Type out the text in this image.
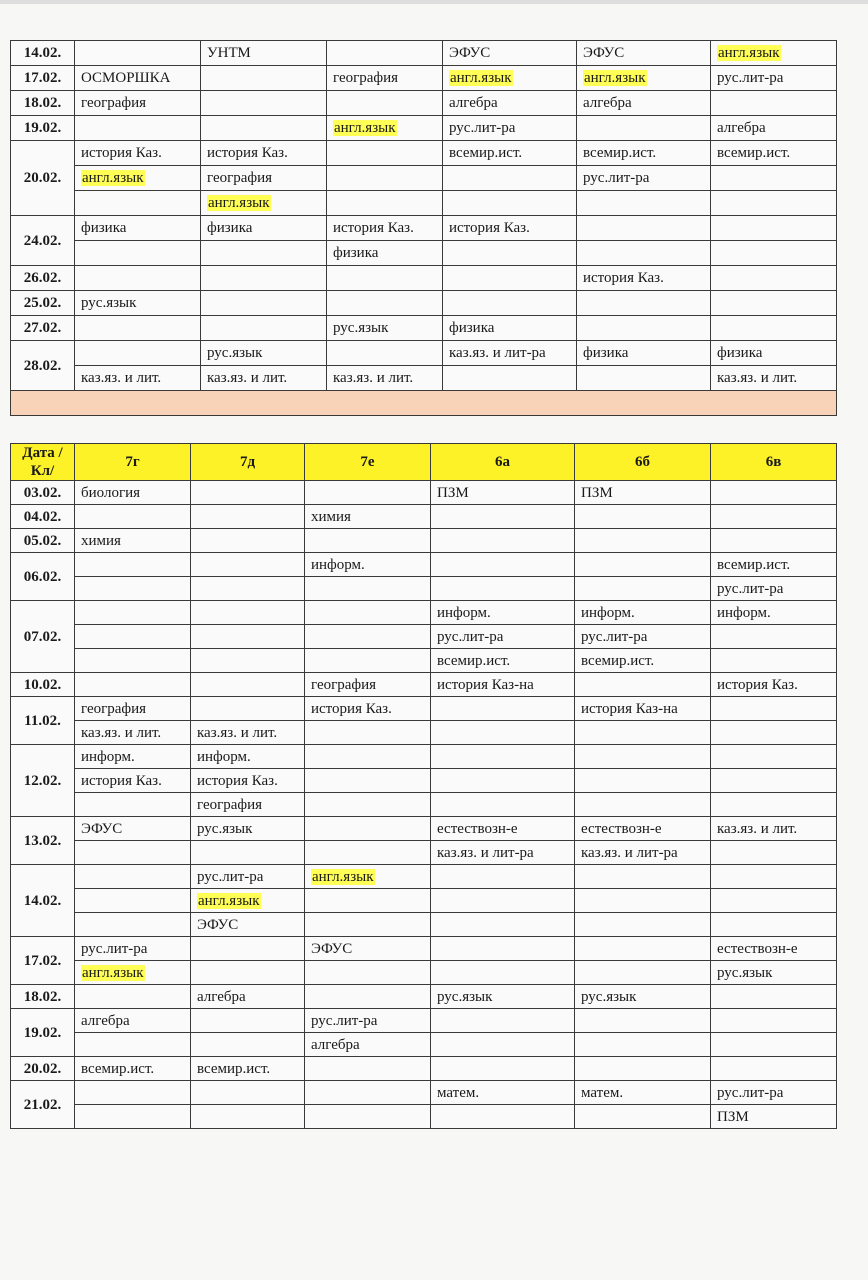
14.02.		УНТМ		ЭФУС	ЭФУС	англ.язык
17.02.	ОСМОРШКА		география	англ.язык	англ.язык	рус.лит-ра
18.02.	география			алгебра	алгебра	
19.02.			англ.язык	рус.лит-ра		алгебра
20.02.	история Каз.	история Каз.		всемир.ист.	всемир.ист.	всемир.ист.
	англ.язык	география			рус.лит-ра	
		англ.язык				
24.02.	физика	физика	история Каз.	история Каз.		
			физика			
26.02.					история Каз.	
25.02.	рус.язык					
27.02.			рус.язык	физика		
28.02.		рус.язык		каз.яз. и лит-ра	физика	физика
	каз.яз. и лит.	каз.яз. и лит.	каз.яз. и лит.			каз.яз. и лит.

Дата / Кл/	7г	7д	7е	6а	6б	6в
03.02.	биология			ПЗМ	ПЗМ	
04.02.			химия			
05.02.	химия					
06.02.			информ.			всемир.ист.
						рус.лит-ра
07.02.				информ.	информ.	информ.
				рус.лит-ра	рус.лит-ра	
				всемир.ист.	всемир.ист.	
10.02.			география	история Каз-на		история Каз.
11.02.	география		история Каз.		история Каз-на	
	каз.яз. и лит.	каз.яз. и лит.				
12.02.	информ.	информ.				
	история Каз.	история Каз.				
		география				
13.02.	ЭФУС	рус.язык		естествозн-е	естествозн-е	каз.яз. и лит.
				каз.яз. и лит-ра	каз.яз. и лит-ра	
14.02.		рус.лит-ра	англ.язык			
		англ.язык				
		ЭФУС				
17.02.	рус.лит-ра		ЭФУС			естествозн-е
	англ.язык					рус.язык
18.02.		алгебра		рус.язык	рус.язык	
19.02.	алгебра		рус.лит-ра			
			алгебра			
20.02.	всемир.ист.	всемир.ист.				
21.02.				матем.	матем.	рус.лит-ра
						ПЗМ
